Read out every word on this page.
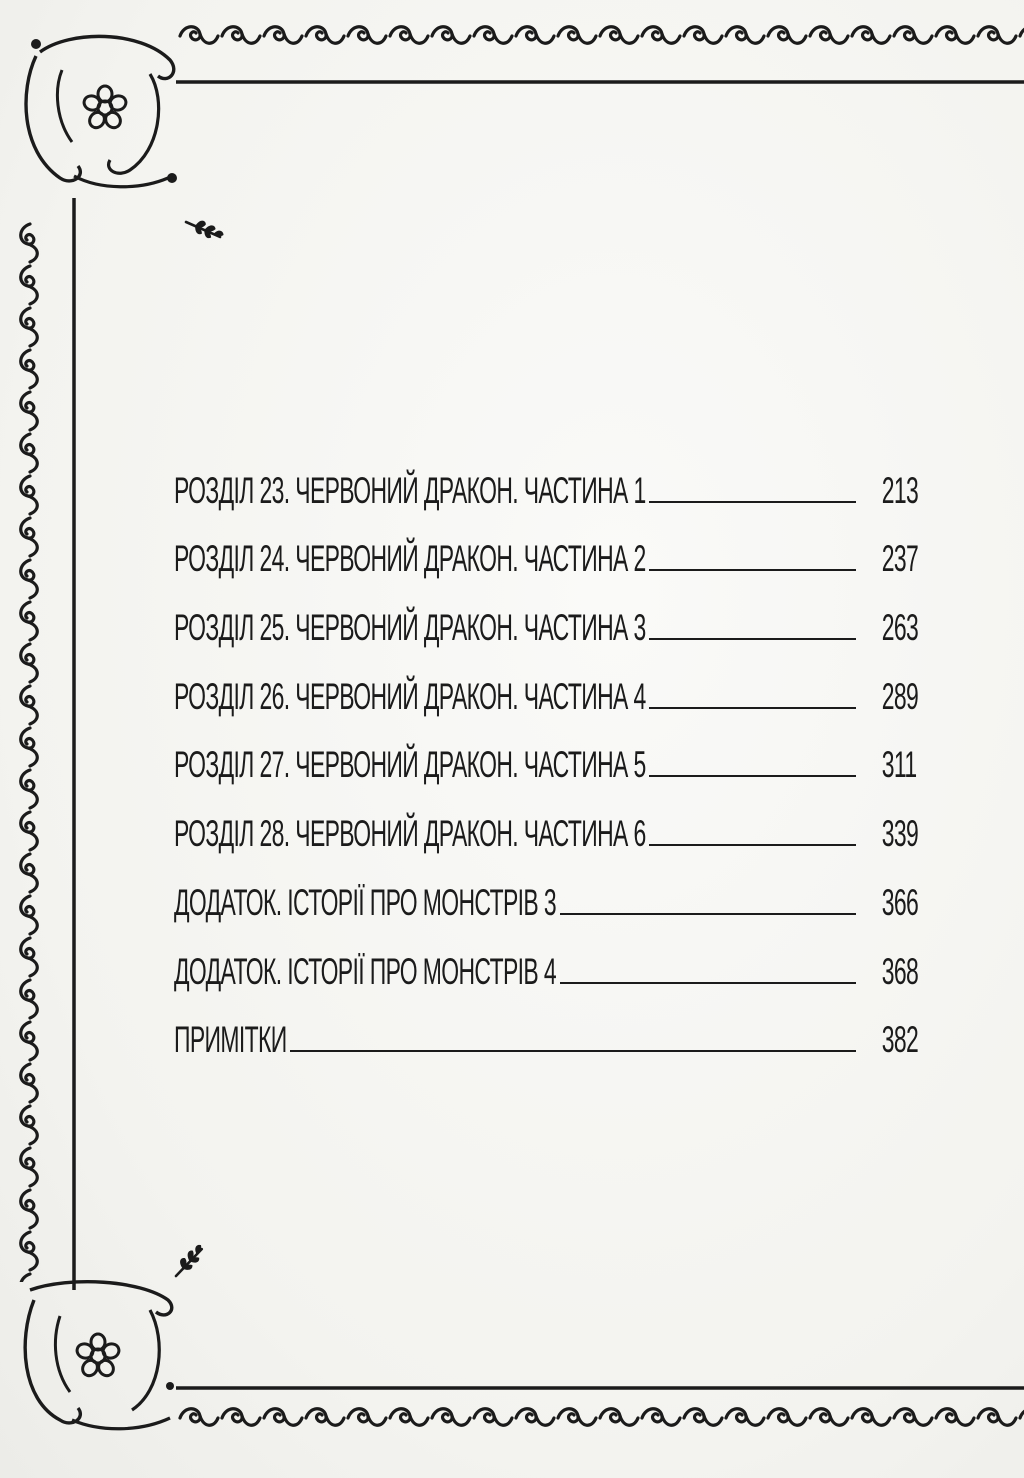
РОЗДІЛ 23. ЧЕРВОНИЙ ДРАКОН. ЧАСТИНА 1	213
РОЗДІЛ 24. ЧЕРВОНИЙ ДРАКОН. ЧАСТИНА 2	237
РОЗДІЛ 25. ЧЕРВОНИЙ ДРАКОН. ЧАСТИНА 3	263
РОЗДІЛ 26. ЧЕРВОНИЙ ДРАКОН. ЧАСТИНА 4	289
РОЗДІЛ 27. ЧЕРВОНИЙ ДРАКОН. ЧАСТИНА 5	311
РОЗДІЛ 28. ЧЕРВОНИЙ ДРАКОН. ЧАСТИНА 6	339
ДОДАТОК. ІСТОРІЇ ПРО МОНСТРІВ 3	366
ДОДАТОК. ІСТОРІЇ ПРО МОНСТРІВ 4	368
ПРИМІТКИ	382
